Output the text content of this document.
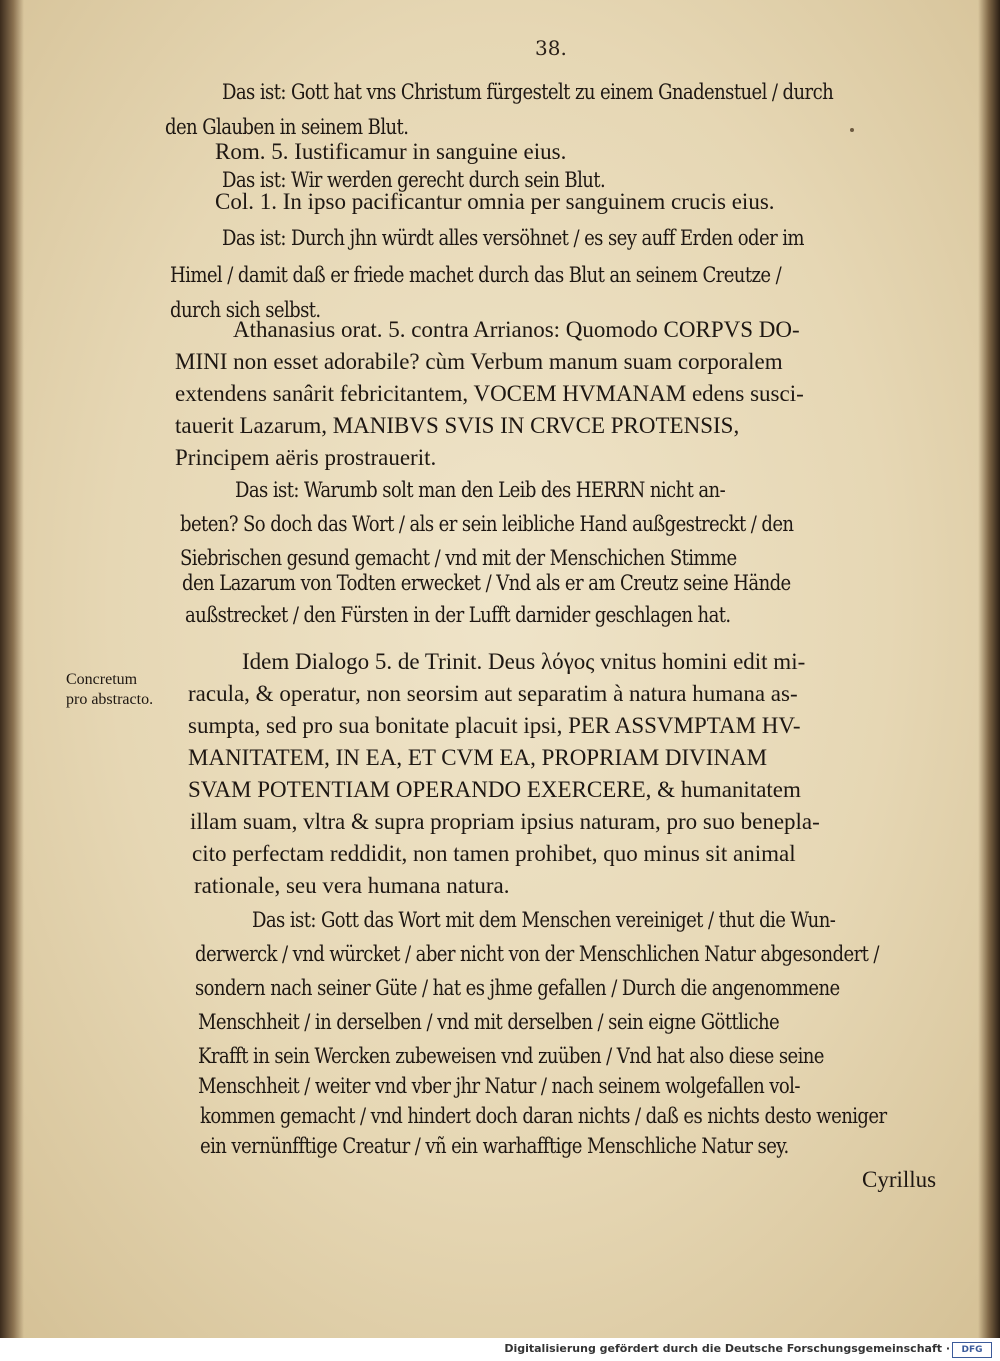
38.
Das ist: Gott hat vns Christum fürgestelt zu einem Gnadenstuel / durch
den Glauben in seinem Blut.
Rom. 5. Iustificamur in sanguine eius.
Das ist: Wir werden gerecht durch sein Blut.
Col. 1. In ipso pacificantur omnia per sanguinem crucis eius.
Das ist: Durch jhn würdt alles versöhnet / es sey auff Erden oder im
Himel / damit daß er friede machet durch das Blut an seinem Creutze /
durch sich selbst.
Athanasius orat. 5. contra Arrianos: Quomodo CORPVS DO-
MINI non esset adorabile? cùm Verbum manum suam corporalem
extendens sanârit febricitantem, VOCEM HVMANAM edens susci-
tauerit Lazarum, MANIBVS SVIS IN CRVCE PROTENSIS,
Principem aëris prostrauerit.
Das ist: Warumb solt man den Leib des HERRN nicht an-
beten? So doch das Wort / als er sein leibliche Hand außgestreckt / den
Siebrischen gesund gemacht / vnd mit der Menschichen Stimme
den Lazarum von Todten erwecket / Vnd als er am Creutz seine Hände
außstrecket / den Fürsten in der Lufft darnider geschlagen hat.
Concretum
pro abstracto.
Idem Dialogo 5. de Trinit. Deus λόγος vnitus homini edit mi-
racula, & operatur, non seorsim aut separatim à natura humana as-
sumpta, sed pro sua bonitate placuit ipsi, PER ASSVMPTAM HV-
MANITATEM, IN EA, ET CVM EA, PROPRIAM DIVINAM
SVAM POTENTIAM OPERANDO EXERCERE, & humanitatem
illam suam, vltra & supra propriam ipsius naturam, pro suo benepla-
cito perfectam reddidit, non tamen prohibet, quo minus sit animal
rationale, seu vera humana natura.
Das ist: Gott das Wort mit dem Menschen vereiniget / thut die Wun-
derwerck / vnd würcket / aber nicht von der Menschlichen Natur abgesondert /
sondern nach seiner Güte / hat es jhme gefallen / Durch die angenommene
Menschheit / in derselben / vnd mit derselben / sein eigne Göttliche
Krafft in sein Wercken zubeweisen vnd zuüben / Vnd hat also diese seine
Menschheit / weiter vnd vber jhr Natur / nach seinem wolgefallen vol-
kommen gemacht / vnd hindert doch daran nichts / daß es nichts desto weniger
ein vernünfftige Creatur / vñ ein warhafftige Menschliche Natur sey.
Cyrillus
Digitalisierung gefördert durch die Deutsche Forschungsgemeinschaft ·	DFG
